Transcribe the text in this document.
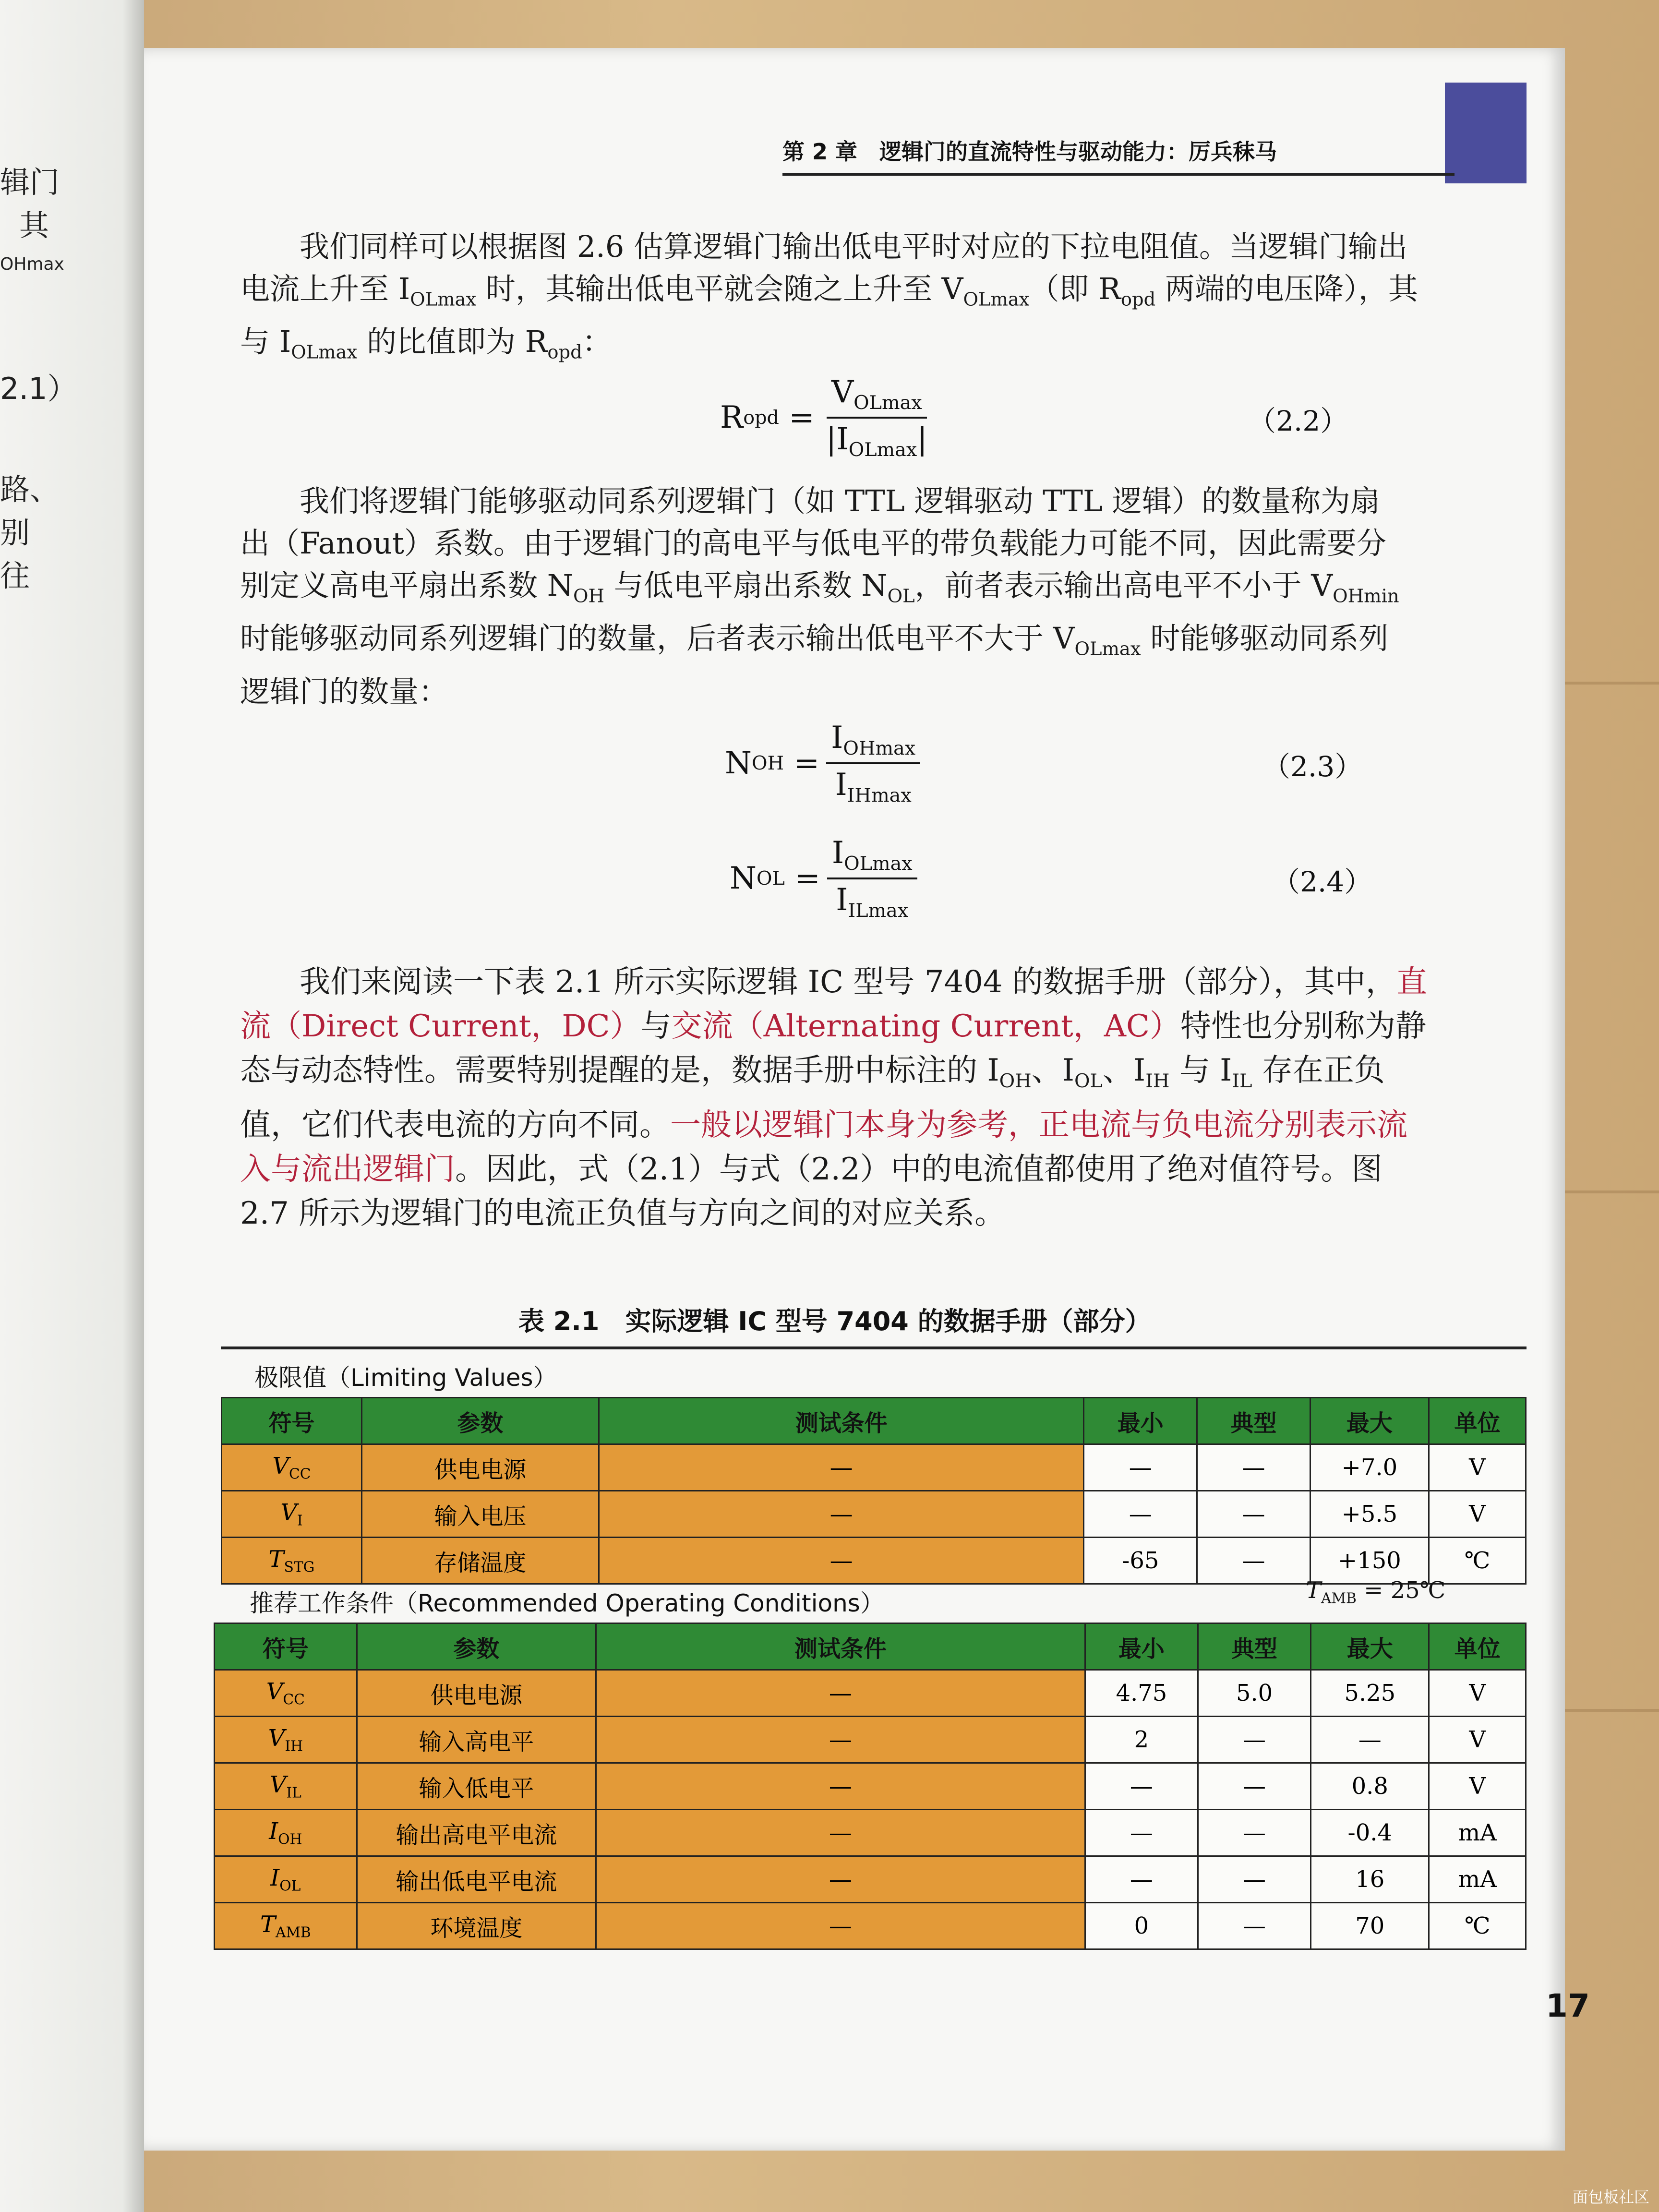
辑门
其
OHmax
2.1）
路、
别
往
第 2 章　逻辑门的直流特性与驱动能力：厉兵秣马

我们同样可以根据图 2.6 估算逻辑门输出低电平时对应的下拉电阻值。当逻辑门输出电流上升至 $I_{OLmax}$ 时，其输出低电平就会随之上升至 $V_{OLmax}$（即 $R_{opd}$ 两端的电压降），其与 $I_{OLmax}$ 的比值即为 $R_{opd}$：

R opd = $\frac{V_{OLmax}}{|I_{OLmax}|}$	（2.2）

我们将逻辑门能够驱动同系列逻辑门（如 TTL 逻辑驱动 TTL 逻辑）的数量称为扇

出（Fanout）系数。由于逻辑门的高电平与低电平的带负载能力可能不同，因此需要分
别定义高电平扇出系数 $N_{OH}$ 与低电平扇出系数 $N_{OL}$，前者表示输出高电平不小于 $V_{OHmin}$
时能够驱动同系列逻辑门的数量，后者表示输出低电平不大于 $V_{OLmax}$ 时能够驱动同系列
逻辑门的数量：
N OH = $\frac{I_{OHmax}}{I_{IHmax}}$	（2.3）
N OL = $\frac{I_{OLmax}}{I_{ILmax}}$	（2.4）

我们来阅读一下表 2.1 所示实际逻辑 IC 型号 7404 的数据手册（部分），其中，直流（Direct Current，DC）与交流（Alternating Current，AC）特性也分别称为静态与动态特性。需要特别提醒的是，数据手册中标注的 $I_{OH}$、$I_{OL}$、$I_{IH}$ 与 $I_{IL}$ 存在正负值，它们代表电流的方向不同。一般以逻辑门本身为参考，正电流与负电流分别表示流入与流出逻辑门。因此，式（2.1）与式（2.2）中的电流值都使用了绝对值符号。图 2.7 所示为逻辑门的电流正负值与方向之间的对应关系。

表 2.1　实际逻辑 IC 型号 7404 的数据手册（部分）
极限值（Limiting Values）
符号	参数	测试条件	最小	典型	最大	单位
$V_{CC}$	供电电源	—	—	—	+7.0	V
$V_I$	输入电压	—	—	—	+5.5	V
$T_{STG}$	存储温度	—	-65	—	+150	℃
$T_{AMB}$ = 25℃
推荐工作条件（Recommended Operating Conditions）
符号	参数	测试条件	最小	典型	最大	单位
$V_{CC}$	供电电源	—	4.75	5.0	5.25	V
$V_{IH}$	输入高电平	—	2	—	—	V
$V_{IL}$	输入低电平	—	—	—	0.8	V
$I_{OH}$	输出高电平电流	—	—	—	-0.4	mA
$I_{OL}$	输出低电平电流	—	—	—	16	mA
$T_{AMB}$	环境温度	—	0	—	70	℃
17
面包板社区
